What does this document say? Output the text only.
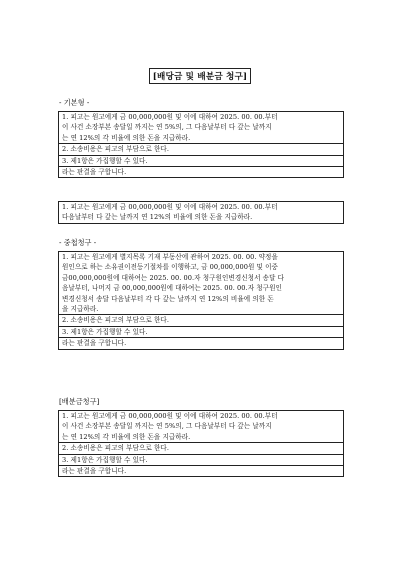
[배당금 및 배분금 청구]
- 기본형 -
1. 피고는 원고에게 금 00,000,000원 및 이에 대하여 2025. 00. 00.부터
이 사건 소장부본 송달일 까지는 연 5%의, 그 다음날부터 다 갚는 날까지
는 연 12%의 각 비율에 의한 돈을 지급하라.
2. 소송비용은 피고의 부담으로 한다.
3. 제1항은 가집행할 수 있다.
라는 판결을 구합니다.
1. 피고는 원고에게 금 00,000,000원 및 이에 대하여 2025. 00. 00.부터
다음날부터 다 갚는 날까지 연 12%의 비율에 의한 돈을 지급하라.
- 중첩청구 -
1. 피고는 원고에게 별지목록 기재 부동산에 관하여 2025. 00. 00. 약정을
원인으로 하는 소유권이전등기절차를 이행하고, 금 00,000,000원 및 이중
금00,000,000원에 대하여는 2025. 00. 00.자 청구원인변경신청서 송달 다
음날부터, 나머지 금 00,000,000원에 대하여는 2025. 00. 00.자 청구원인
변경신청서 송달 다음날부터 각 다 갚는 날까지 연 12%의 비율에 의한 돈
을 지급하라.
2. 소송비용은 피고의 부담으로 한다.
3. 제1항은 가집행할 수 있다.
라는 판결을 구합니다.
[배분금청구]
1. 피고는 원고에게 금 00,000,000원 및 이에 대하여 2025. 00. 00.부터
이 사건 소장부본 송달일 까지는 연 5%의, 그 다음날부터 다 갚는 날까지
는 연 12%의 각 비율에 의한 돈을 지급하라.
2. 소송비용은 피고의 부담으로 한다.
3. 제1항은 가집행할 수 있다.
라는 판결을 구합니다.
